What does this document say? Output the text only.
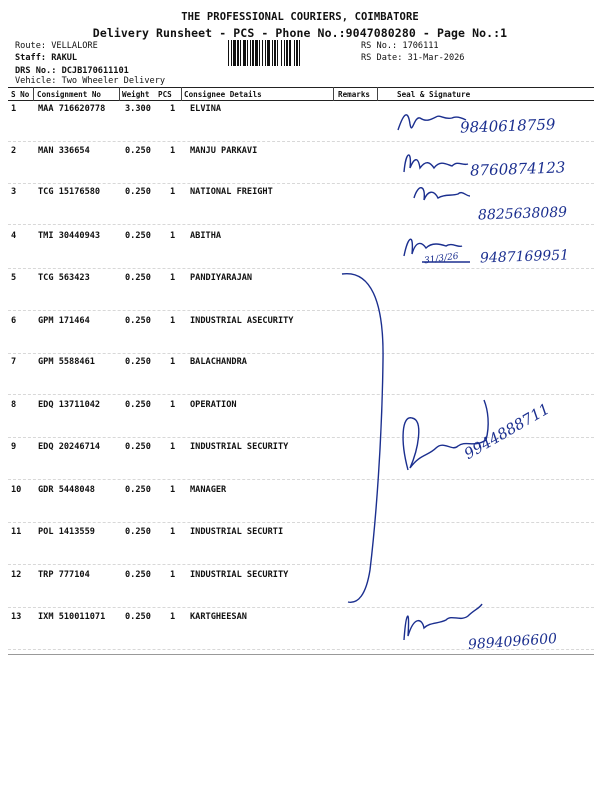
THE PROFESSIONAL COURIERS, COIMBATORE
Delivery Runsheet - PCS - Phone No.:9047080280 - Page No.:1
Route: VELLALORE
Staff: RAKUL
DRS No.: DCJB170611101
Vehicle: Two Wheeler Delivery
RS No.: 1706111
RS Date: 31-Mar-2026
S No Consignment No	Weight PCS Consignee Details	Remarks	Seal & Signature
1	MAA 716620778 3.300 1 ELVINA
2	MAN 336654	0.250 1 MANJU PARKAVI
3	TCG 15176580	0.250 1 NATIONAL FREIGHT
4	TMI 30440943	0.250 1 ABITHA
5	TCG 563423	0.250 1 PANDIYARAJAN
6	GPM 171464	0.250 1 INDUSTRIAL ASECURITY
7	GPM 5588461	0.250 1 BALACHANDRA
8	EDQ 13711042	0.250 1 OPERATION
9	EDQ 20246714	0.250 1 INDUSTRIAL SECURITY
10 GDR 5448048	0.250 1 MANAGER
11 POL 1413559	0.250 1 INDUSTRIAL SECURTI
12 TRP 777104	0.250 1 INDUSTRIAL SECURITY
13 IXM 510011071 0.250 1 KARTGHEESAN
9840618759
8760874123
8825638089
31/3/26 9487169951
9944888711
9894096600
